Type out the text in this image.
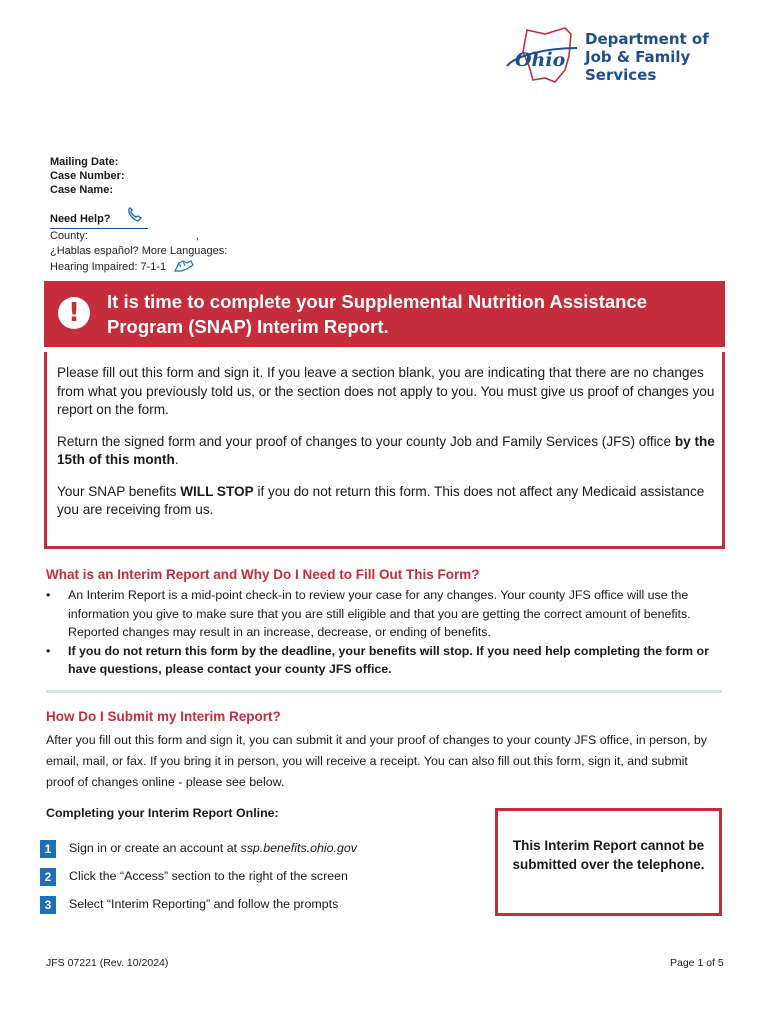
Ohio
Department of
Job & Family
Services
Mailing Date:
Case Number:
Case Name:
Need Help?
County:	,
¿Hablas español? More Languages:
Hearing Impaired: 7-1-1
!	It is time to complete your Supplemental Nutrition Assistance Program (SNAP) Interim Report.

Please fill out this form and sign it. If you leave a section blank, you are indicating that there are no changes from what you previously told us, or the section does not apply to you. You must give us proof of changes you report on the form.

Return the signed form and your proof of changes to your county Job and Family Services (JFS) office by the 15th of this month.

Your SNAP benefits WILL STOP if you do not return this form. This does not affect any Medicaid assistance you are receiving from us.

What is an Interim Report and Why Do I Need to Fill Out This Form?
• An Interim Report is a mid-point check-in to review your case for any changes. Your county JFS office will use the information you give to make sure that you are still eligible and that you are getting the correct amount of benefits. Reported changes may result in an increase, decrease, or ending of benefits.
• If you do not return this form by the deadline, your benefits will stop. If you need help completing the form or have questions, please contact your county JFS office.
How Do I Submit my Interim Report?
After you fill out this form and sign it, you can submit it and your proof of changes to your county JFS office, in person, by email, mail, or fax. If you bring it in person, you will receive a receipt. You can also fill out this form, sign it, and submit proof of changes online - please see below.
Completing your Interim Report Online:
1	Sign in or create an account at ssp.benefits.ohio.gov
2	Click the “Access” section to the right of the screen
3	Select “Interim Reporting” and follow the prompts
This Interim Report cannot be submitted over the telephone.
JFS 07221 (Rev. 10/2024)	Page 1 of 5
